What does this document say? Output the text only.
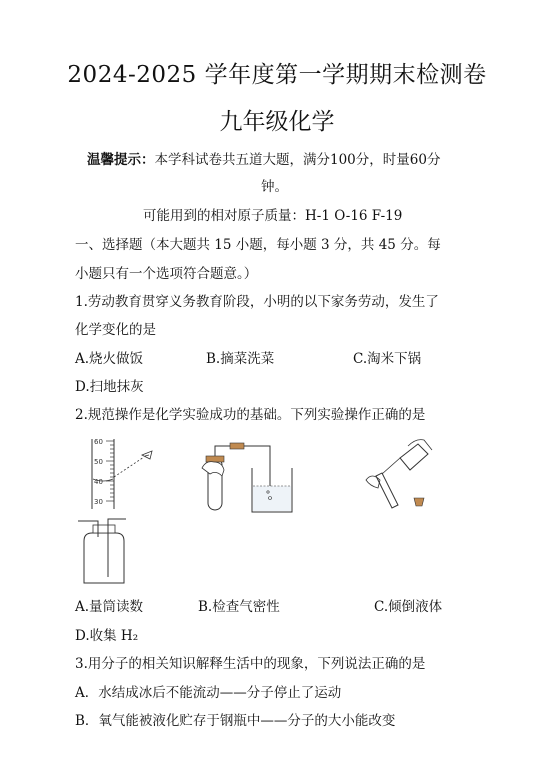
2024-2025 学年度第一学期期末检测卷
九年级化学
温馨提示：本学科试卷共五道大题，满分100分，时量60分
钟。
可能用到的相对原子质量：H-1 O-16 F-19
一、选择题（本大题共 15 小题，每小题 3 分，共 45 分。每
小题只有一个选项符合题意。）
1.劳动教育贯穿义务教育阶段，小明的以下家务劳动，发生了
化学变化的是
A.烧火做饭	B.摘菜洗菜	C.淘米下锅
D.扫地抹灰
2.规范操作是化学实验成功的基础。下列实验操作正确的是
60
50
40
30
A.量筒读数	B.检查气密性	C.倾倒液体
D.收集 H₂
3.用分子的相关知识解释生活中的现象，下列说法正确的是
A．水结成冰后不能流动——分子停止了运动
B．氧气能被液化贮存于钢瓶中——分子的大小能改变
